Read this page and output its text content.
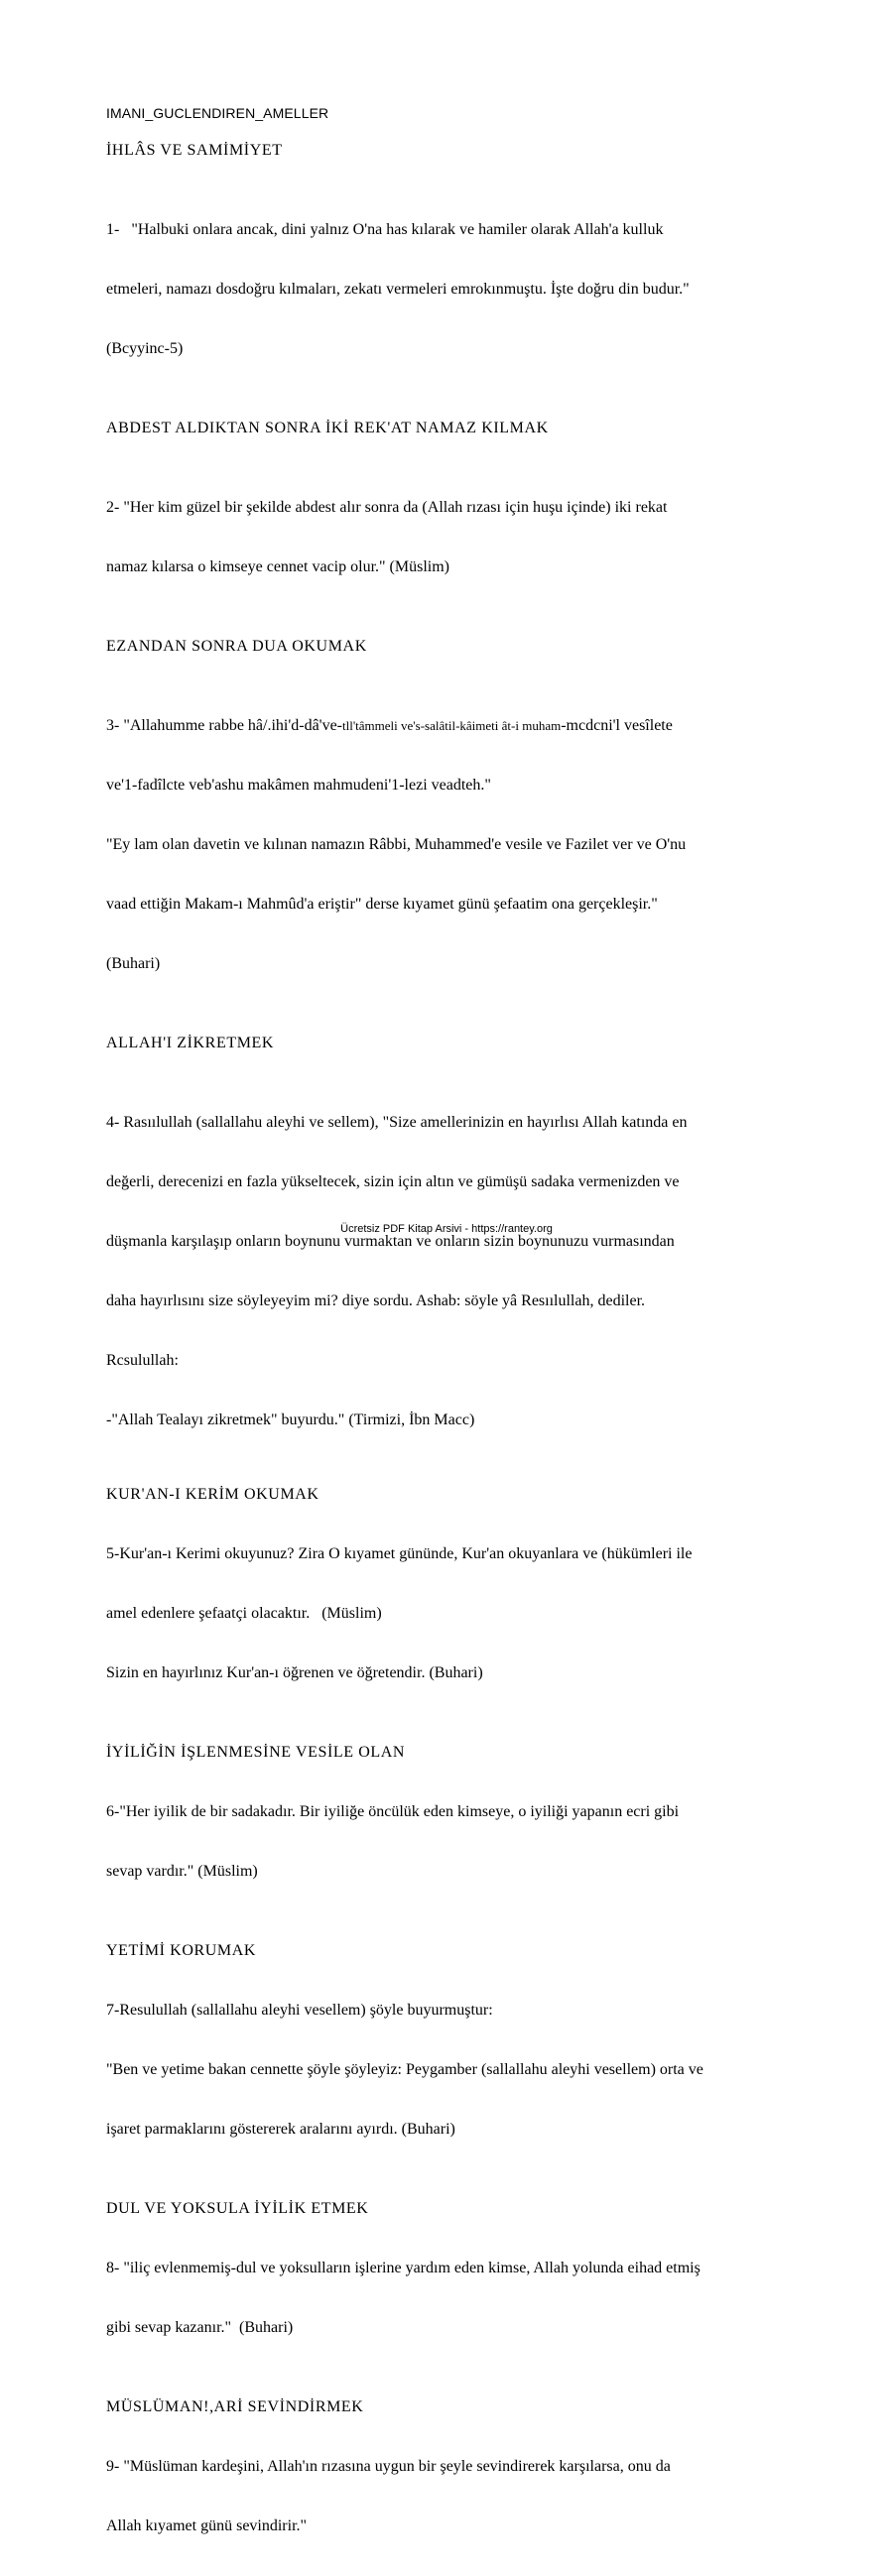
IMANI_GUCLENDIREN_AMELLER

İHLÂS VE SAMİMİYET

1-   "Halbuki onlara ancak, dini yalnız O'na has kılarak ve hamiler olarak Allah'a kulluk

etmeleri, namazı dosdoğru kılmaları, zekatı vermeleri emrokınmuştu. İşte doğru din budur."

(Bcyyinc-5)

ABDEST ALDIKTAN SONRA İKİ REK'AT NAMAZ KILMAK

2- "Her kim güzel bir şekilde abdest alır sonra da (Allah rızası için huşu içinde) iki rekat

namaz kılarsa o kimseye cennet vacip olur." (Müslim)

EZANDAN SONRA DUA OKUMAK

3- "Allahumme rabbe hâ/.ihi'd-dâ've-tll'tâmmeli ve's-salâtil-kâimeti ât-i muham-mcdcni'l vesîlete

ve'1-fadîlcte veb'ashu makâmen mahmudeni'1-lezi veadteh."

"Ey lam olan davetin ve kılınan namazın Râbbi, Muhammed'e vesile ve Fazilet ver ve O'nu

vaad ettiğin Makam-ı Mahmûd'a eriştir" derse kıyamet günü şefaatim ona gerçekleşir."

(Buhari)

ALLAH'I ZİKRETMEK

4- Rasıılullah (sallallahu aleyhi ve sellem), "Size amellerinizin en hayırlısı Allah katında en

değerli, derecenizi en fazla yükseltecek, sizin için altın ve gümüşü sadaka vermenizden ve

düşmanla karşılaşıp onların boynunu vurmaktan ve onların sizin boynunuzu vurmasından

daha hayırlısını size söyleyeyim mi? diye sordu. Ashab: söyle yâ Resıılullah, dediler.

Rcsulullah:

-"Allah Tealayı zikretmek" buyurdu." (Tirmizi, İbn Macc)

KUR'AN-I KERİM OKUMAK

5-Kur'an-ı Kerimi okuyunuz? Zira O kıyamet gününde, Kur'an okuyanlara ve (hükümleri ile

amel edenlere şefaatçi olacaktır.   (Müslim)

Sizin en hayırlınız Kur'an-ı öğrenen ve öğretendir. (Buhari)

İYİLİĞİN İŞLENMESİNE VESİLE OLAN

6-"Her iyilik de bir sadakadır. Bir iyiliğe öncülük eden kimseye, o iyiliği yapanın ecri gibi

sevap vardır." (Müslim)

YETİMİ KORUMAK

7-Resulullah (sallallahu aleyhi vesellem) şöyle buyurmuştur:

"Ben ve yetime bakan cennette şöyle şöyleyiz: Peygamber (sallallahu aleyhi vesellem) orta ve

işaret parmaklarını göstererek aralarını ayırdı. (Buhari)

DUL VE YOKSULA İYİLİK ETMEK

8- "iliç evlenmemiş-dul ve yoksulların işlerine yardım eden kimse, Allah yolunda eihad etmiş

gibi sevap kazanır."  (Buhari)

MÜSLÜMAN!,ARİ SEVİNDİRMEK

9- "Müslüman kardeşini, Allah'ın rızasına uygun bir şeyle sevindirerek karşılarsa, onu da

Allah kıyamet günü sevindirir."

Ücretsiz PDF Kitap Arsivi - https://rantey.org
